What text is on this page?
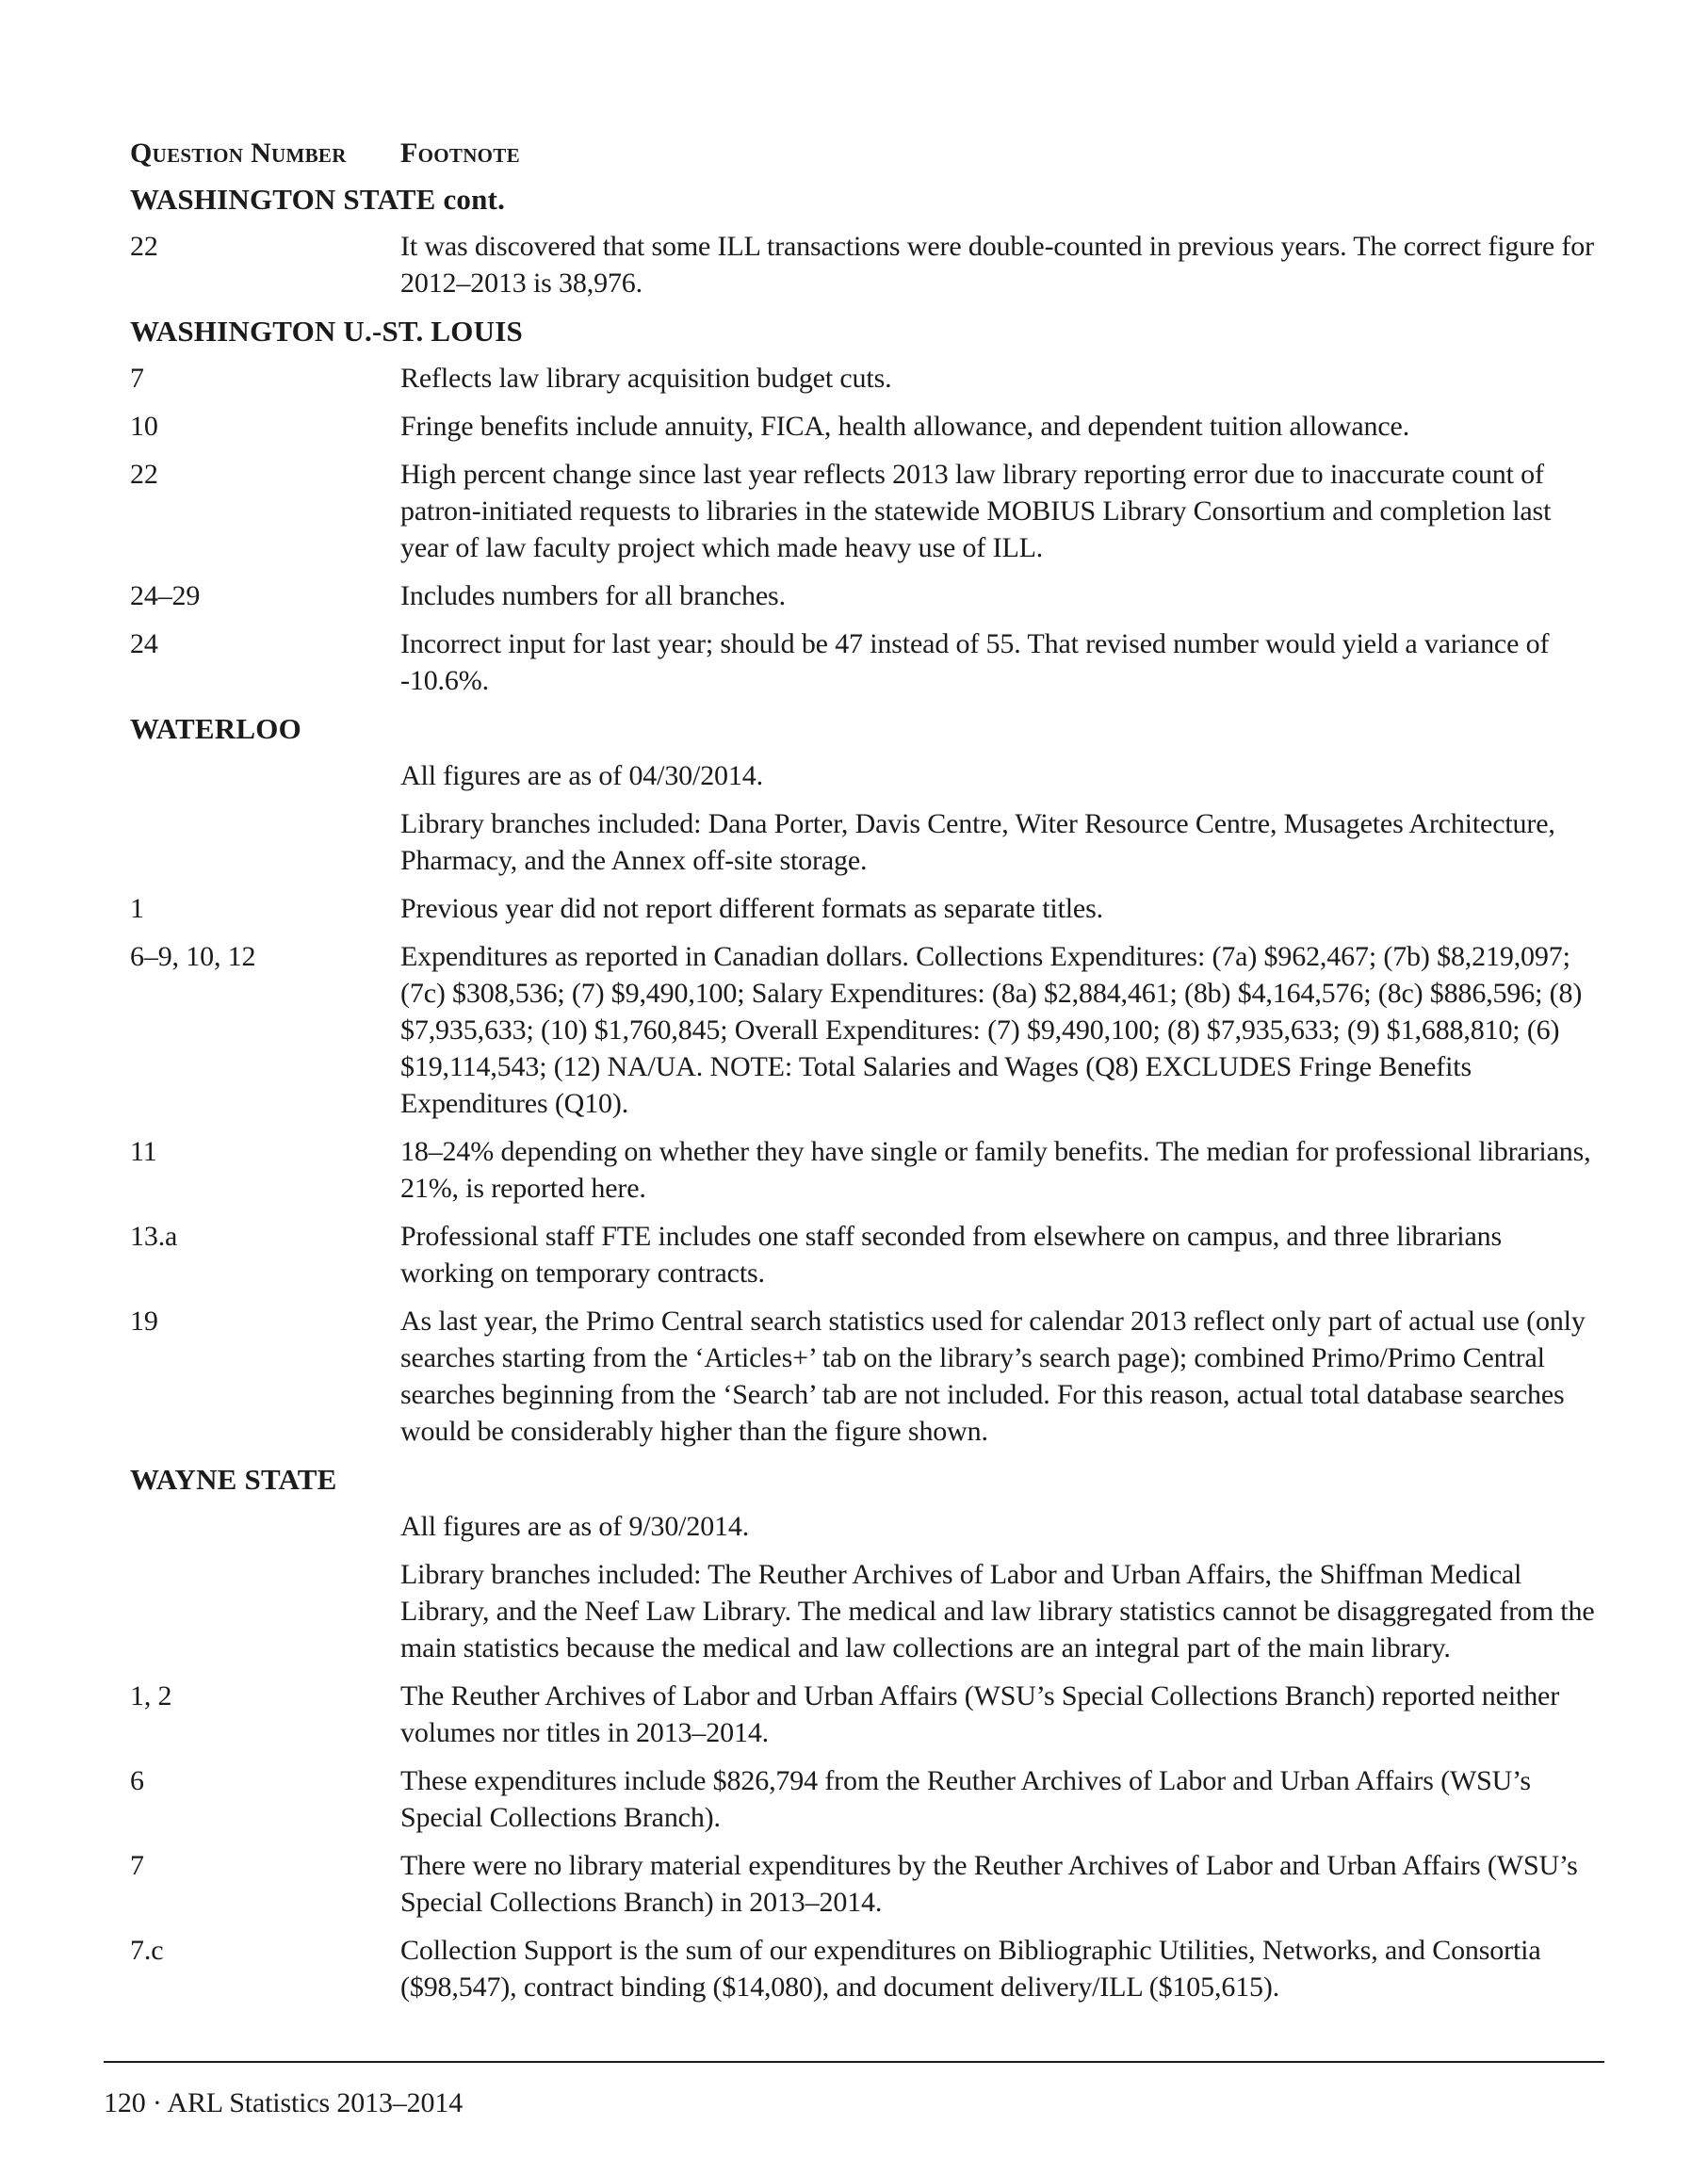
Question Number	Footnote
WASHINGTON STATE cont.
22	It was discovered that some ILL transactions were double-counted in previous years. The correct figure for 2012–2013 is 38,976.
WASHINGTON U.-ST. LOUIS
7	Reflects law library acquisition budget cuts.
10	Fringe benefits include annuity, FICA, health allowance, and dependent tuition allowance.
22	High percent change since last year reflects 2013 law library reporting error due to inaccurate count of patron-initiated requests to libraries in the statewide MOBIUS Library Consortium and completion last year of law faculty project which made heavy use of ILL.
24–29	Includes numbers for all branches.
24	Incorrect input for last year; should be 47 instead of 55. That revised number would yield a variance of -10.6%.
WATERLOO
All figures are as of 04/30/2014.
Library branches included: Dana Porter, Davis Centre, Witer Resource Centre, Musagetes Architecture, Pharmacy, and the Annex off-site storage.
1	Previous year did not report different formats as separate titles.
6–9, 10, 12	Expenditures as reported in Canadian dollars. Collections Expenditures: (7a) $962,467; (7b) $8,219,097; (7c) $308,536; (7) $9,490,100; Salary Expenditures: (8a) $2,884,461; (8b) $4,164,576; (8c) $886,596; (8) $7,935,633; (10) $1,760,845; Overall Expenditures: (7) $9,490,100; (8) $7,935,633; (9) $1,688,810; (6) $19,114,543; (12) NA/UA. NOTE: Total Salaries and Wages (Q8) EXCLUDES Fringe Benefits Expenditures (Q10).
11	18–24% depending on whether they have single or family benefits. The median for professional librarians, 21%, is reported here.
13.a	Professional staff FTE includes one staff seconded from elsewhere on campus, and three librarians working on temporary contracts.
19	As last year, the Primo Central search statistics used for calendar 2013 reflect only part of actual use (only searches starting from the ‘Articles+’ tab on the library’s search page); combined Primo/Primo Central searches beginning from the ‘Search’ tab are not included. For this reason, actual total database searches would be considerably higher than the figure shown.
WAYNE STATE
All figures are as of 9/30/2014.
Library branches included: The Reuther Archives of Labor and Urban Affairs, the Shiffman Medical Library, and the Neef Law Library. The medical and law library statistics cannot be disaggregated from the main statistics because the medical and law collections are an integral part of the main library.
1, 2	The Reuther Archives of Labor and Urban Affairs (WSU’s Special Collections Branch) reported neither volumes nor titles in 2013–2014.
6	These expenditures include $826,794 from the Reuther Archives of Labor and Urban Affairs (WSU’s Special Collections Branch).
7	There were no library material expenditures by the Reuther Archives of Labor and Urban Affairs (WSU’s Special Collections Branch) in 2013–2014.
7.c	Collection Support is the sum of our expenditures on Bibliographic Utilities, Networks, and Consortia ($98,547), contract binding ($14,080), and document delivery/ILL ($105,615).
120 · ARL Statistics 2013–2014
